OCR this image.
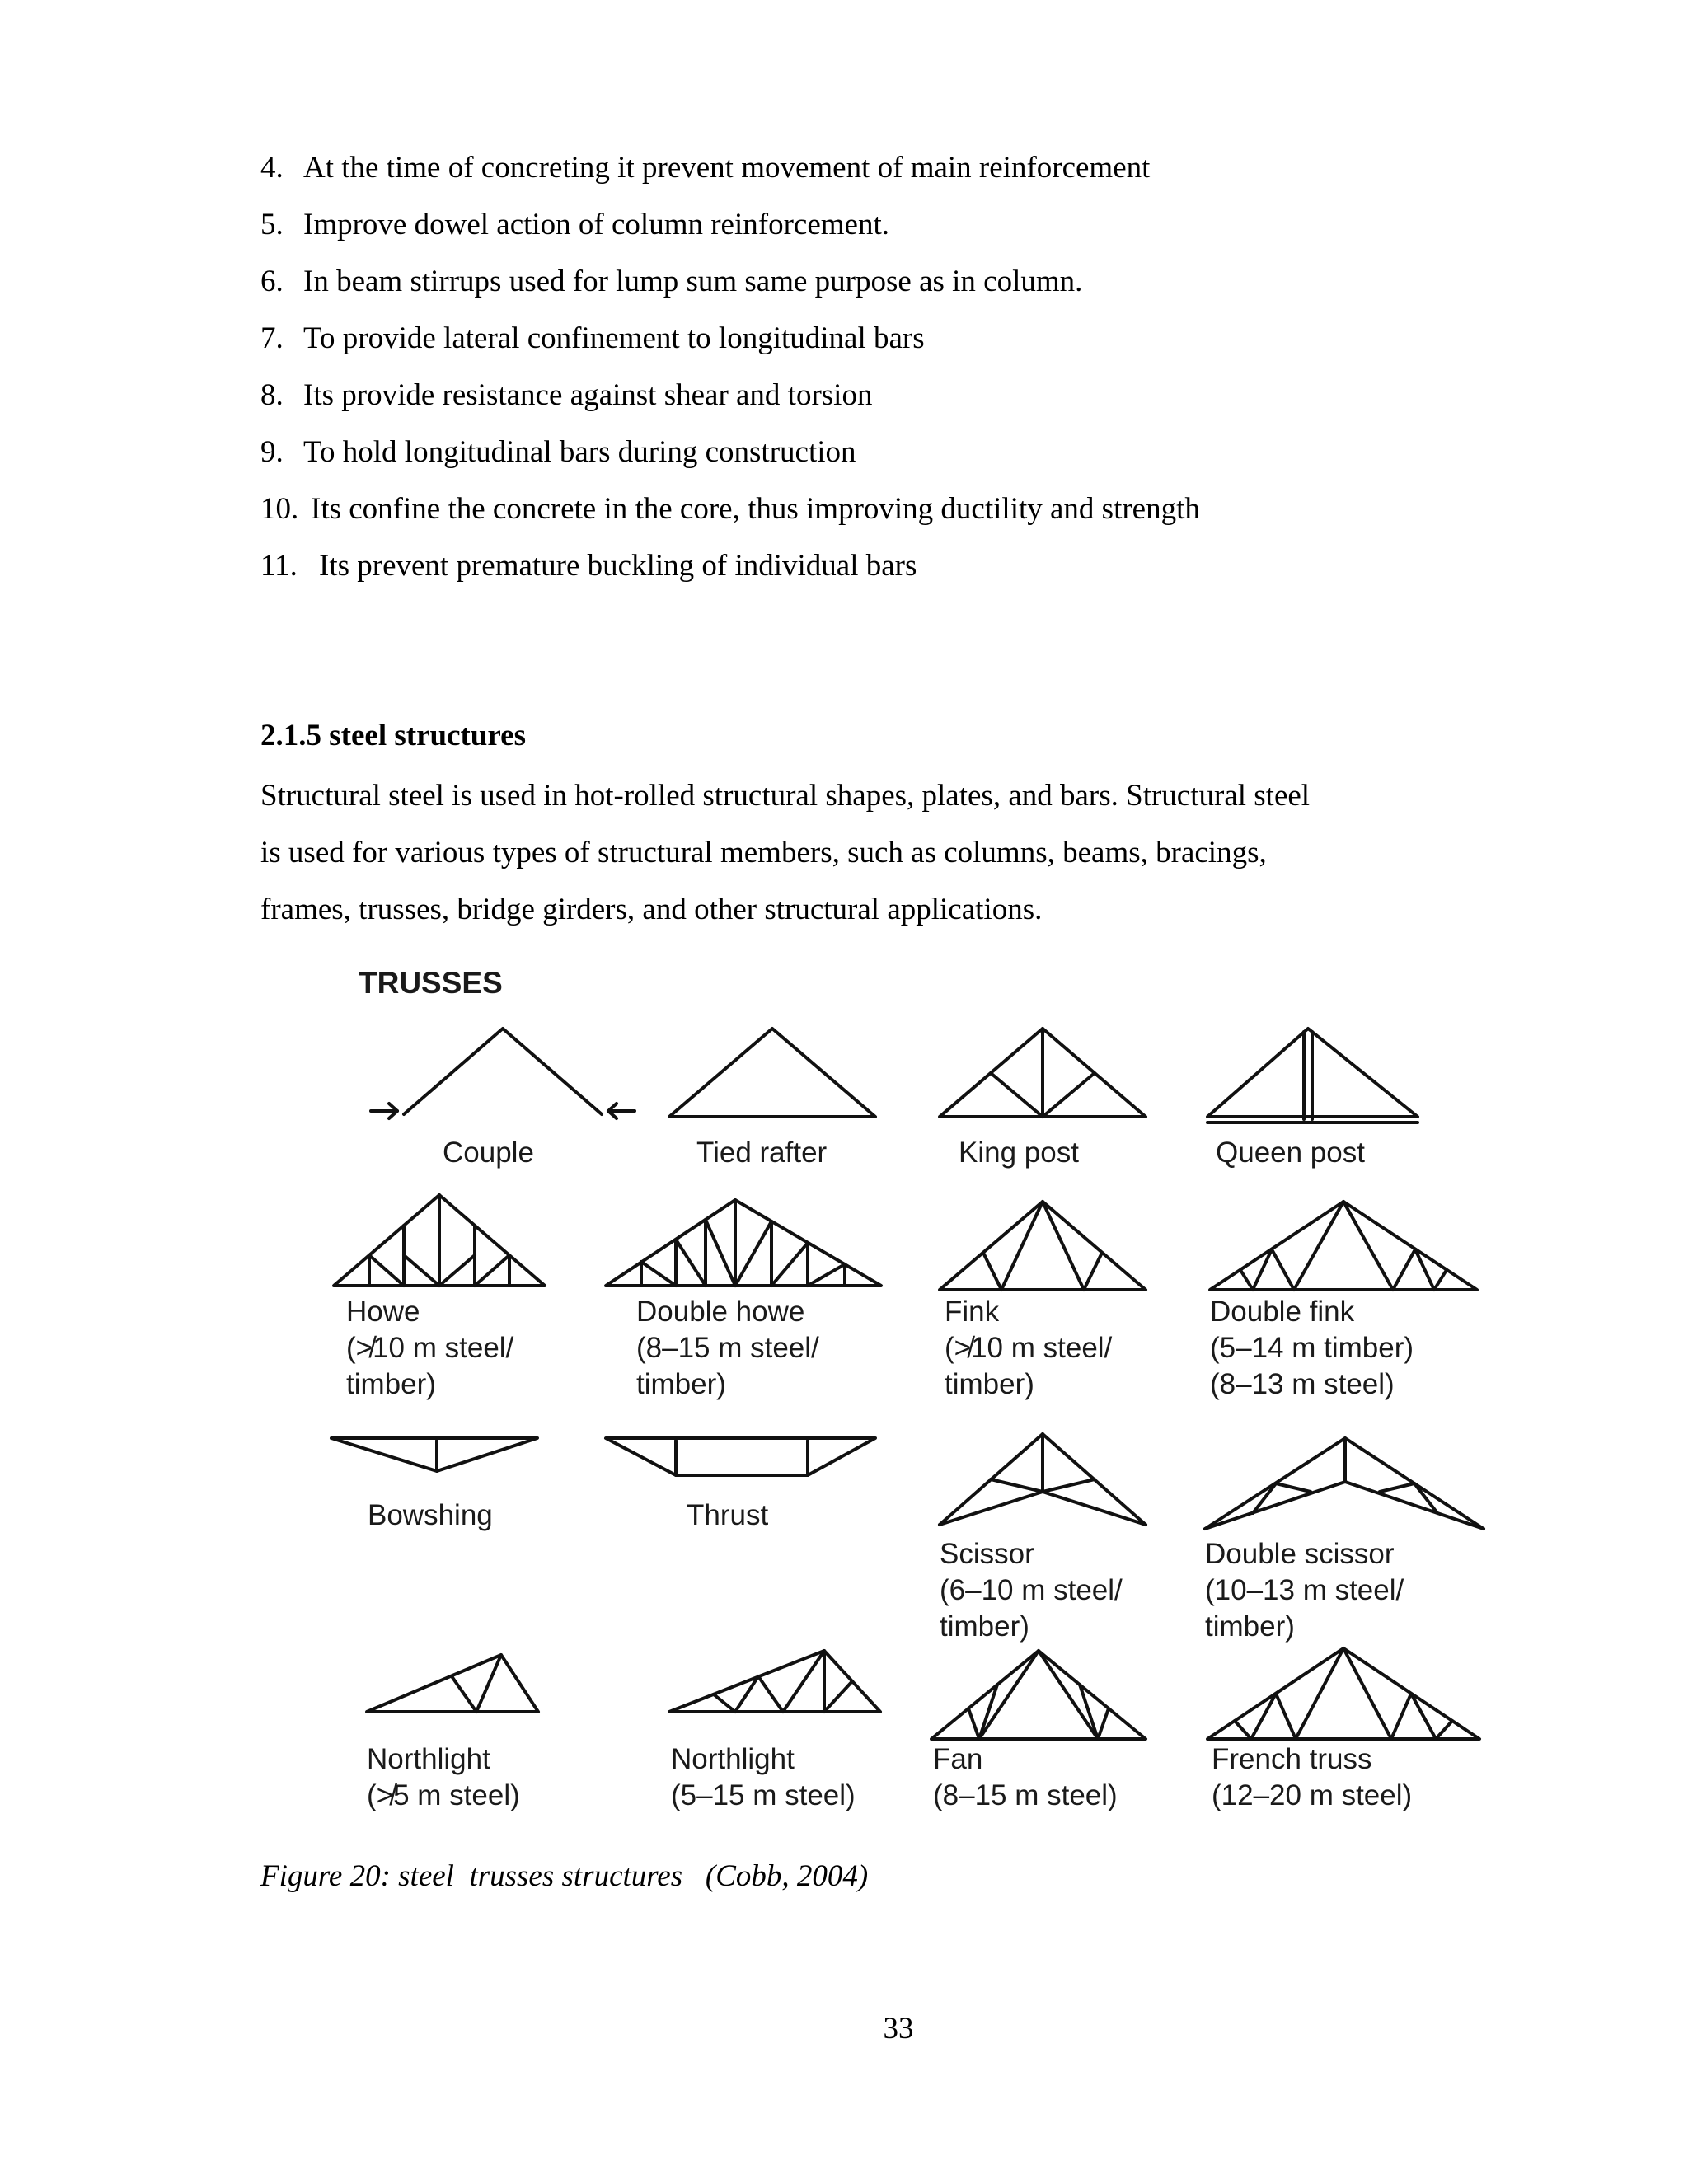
4. At the time of concreting it prevent movement of main reinforcement
5. Improve dowel action of column reinforcement.
6. In beam stirrups used for lump sum same purpose as in column.
7. To provide lateral confinement to longitudinal bars
8. Its provide resistance against shear and torsion
9. To hold longitudinal bars during construction
10. Its confine the concrete in the core, thus improving ductility and strength
11. Its prevent premature buckling of individual bars
2.1.5 steel structures
Structural steel is used in hot-rolled structural shapes, plates, and bars. Structural steel
is used for various types of structural members, such as columns, beams, bracings,
frames, trusses, bridge girders, and other structural applications.
TRUSSES
Couple	Tied rafter	King post	Queen post
Howe
(≯10 m steel/
timber)
Double howe
(8–15 m steel/
timber)
Fink
(≯10 m steel/
timber)
Double fink
(5–14 m timber)
(8–13 m steel)
Bowshing	Thrust
Scissor
(6–10 m steel/
timber)
Double scissor
(10–13 m steel/
timber)
Northlight
(≯5 m steel)
Northlight
(5–15 m steel)
Fan
(8–15 m steel)
French truss
(12–20 m steel)
Figure 20: steel  trusses structures   (Cobb, 2004)
33
